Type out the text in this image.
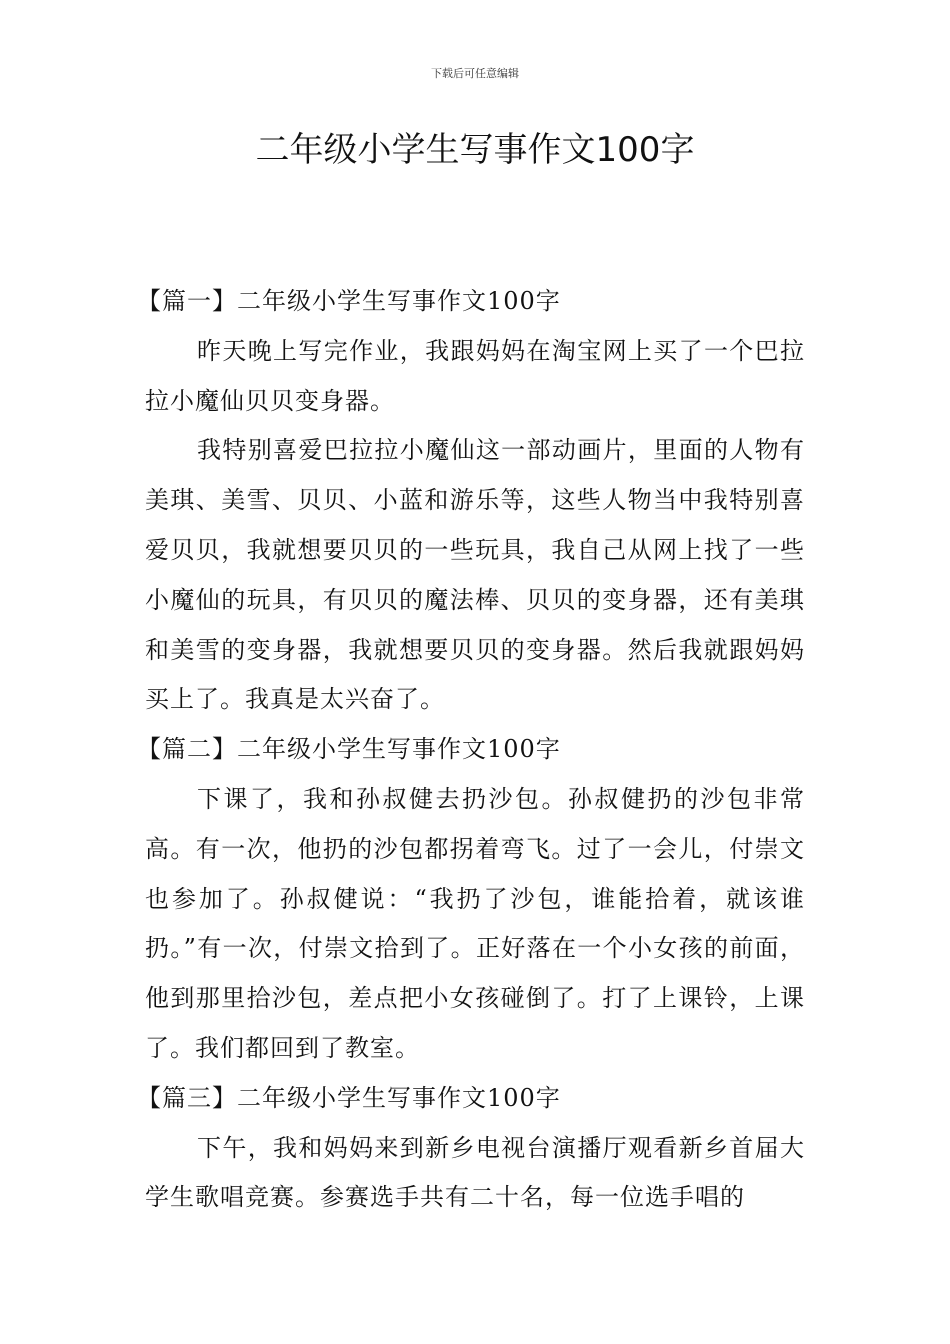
下载后可任意编辑
二年级小学生写事作文100字

【篇一】二年级小学生写事作文100字

昨天晚上写完作业，我跟妈妈在淘宝网上买了一个巴拉拉小魔仙贝贝变身器。

我特别喜爱巴拉拉小魔仙这一部动画片，里面的人物有美琪、美雪、贝贝、小蓝和游乐等，这些人物当中我特别喜爱贝贝，我就想要贝贝的一些玩具，我自己从网上找了一些小魔仙的玩具，有贝贝的魔法棒、贝贝的变身器，还有美琪和美雪的变身器，我就想要贝贝的变身器。然后我就跟妈妈买上了。我真是太兴奋了。

【篇二】二年级小学生写事作文100字

下课了，我和孙叔健去扔沙包。孙叔健扔的沙包非常高。有一次，他扔的沙包都拐着弯飞。过了一会儿，付崇文也参加了。孙叔健说：“我扔了沙包，谁能拾着，就该谁扔。”有一次，付崇文拾到了。正好落在一个小女孩的前面，他到那里拾沙包，差点把小女孩碰倒了。打了上课铃，上课了。我们都回到了教室。

【篇三】二年级小学生写事作文100字

下午，我和妈妈来到新乡电视台演播厅观看新乡首届大学生歌唱竞赛。参赛选手共有二十名，每一位选手唱的
